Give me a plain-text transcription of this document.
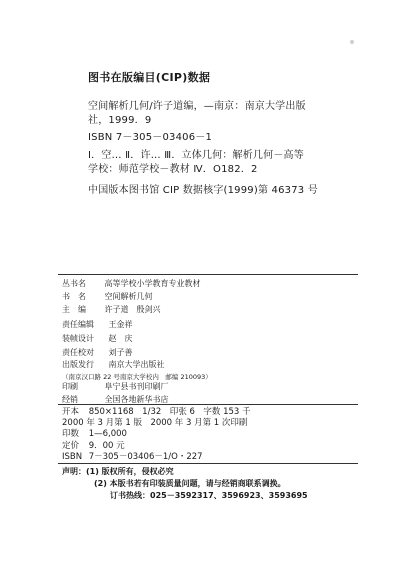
图书在版编目(CIP)数据
空间解析几何/许子道编，—南京：南京大学出版
社，1999．9
ISBN 7－305－03406－1
Ⅰ．空… Ⅱ．许… Ⅲ．立体几何：解析几何－高等
学校：师范学校－教材 Ⅳ．O182．2
中国版本图书馆 CIP 数据核字(1999)第 46373 号
丛书名 高等学校小学教育专业教材
书　名 空间解析几何
主　编 许子道　殷剑兴
责任编辑 王金祥
装帧设计 赵　庆
责任校对 刘子善
出版发行 南京大学出版社
（南京汉口路 22 号南京大学校内　邮编 210093）
印刷	阜宁县书刊印刷厂
经销	全国各地新华书店
开本 850×1168　1/32　印张 6　字数 153 千
2000 年 3 月第 1 版　2000 年 3 月第 1 次印刷
印数 1—6,000
定价 9．00 元
ISBN 7－305－03406－1/O・227
声明：(1) 版权所有，侵权必究
(2) 本版书若有印装质量问题，请与经销商联系调换。
订书热线：025－3592317、3596923、3593695
